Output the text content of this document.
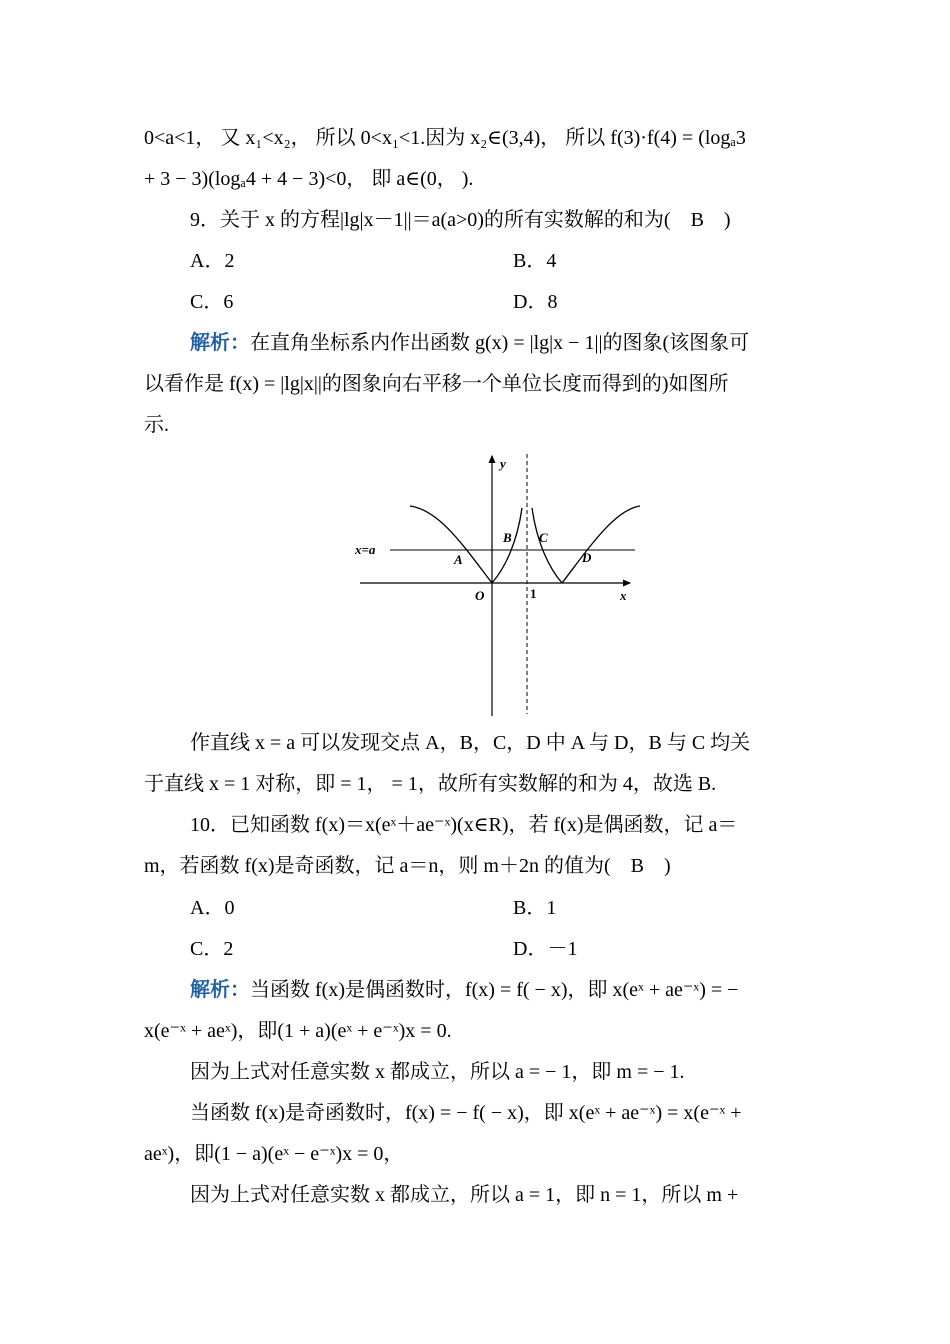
0<a<1， 又 x₁<x₂， 所以 0<x₁<1.因为 x₂∈(3,4)， 所以 f(3)·f(4) = (logₐ3
+ 3 − 3)(logₐ4 + 4 − 3)<0， 即 a∈(0， ).
9．关于 x 的方程|lg|x－1||＝a(a>0)的所有实数解的和为(　B　)
A．2	B．4
C．6	D．8
解析：在直角坐标系内作出函数 g(x) = |lg|x − 1||的图象(该图象可
以看作是 f(x) = |lg|x||的图象向右平移一个单位长度而得到的)如图所
示.
y
x
O	1
x=a
A
B C
D
作直线 x = a 可以发现交点 A，B，C，D 中 A 与 D，B 与 C 均关
于直线 x = 1 对称，即 = 1， = 1，故所有实数解的和为 4，故选 B.
10．已知函数 f(x)＝x(eˣ＋ae⁻ˣ)(x∈R)，若 f(x)是偶函数，记 a＝
m，若函数 f(x)是奇函数，记 a＝n，则 m＋2n 的值为(　B　)
A．0	B．1
C．2	D．－1
解析：当函数 f(x)是偶函数时，f(x) = f( − x)，即 x(eˣ + ae⁻ˣ) = −
x(e⁻ˣ + aeˣ)，即(1 + a)(eˣ + e⁻ˣ)x = 0.
因为上式对任意实数 x 都成立，所以 a = − 1，即 m = − 1.
当函数 f(x)是奇函数时，f(x) = − f( − x)，即 x(eˣ + ae⁻ˣ) = x(e⁻ˣ +
aeˣ)，即(1 − a)(eˣ − e⁻ˣ)x = 0，
因为上式对任意实数 x 都成立，所以 a = 1，即 n = 1，所以 m +
